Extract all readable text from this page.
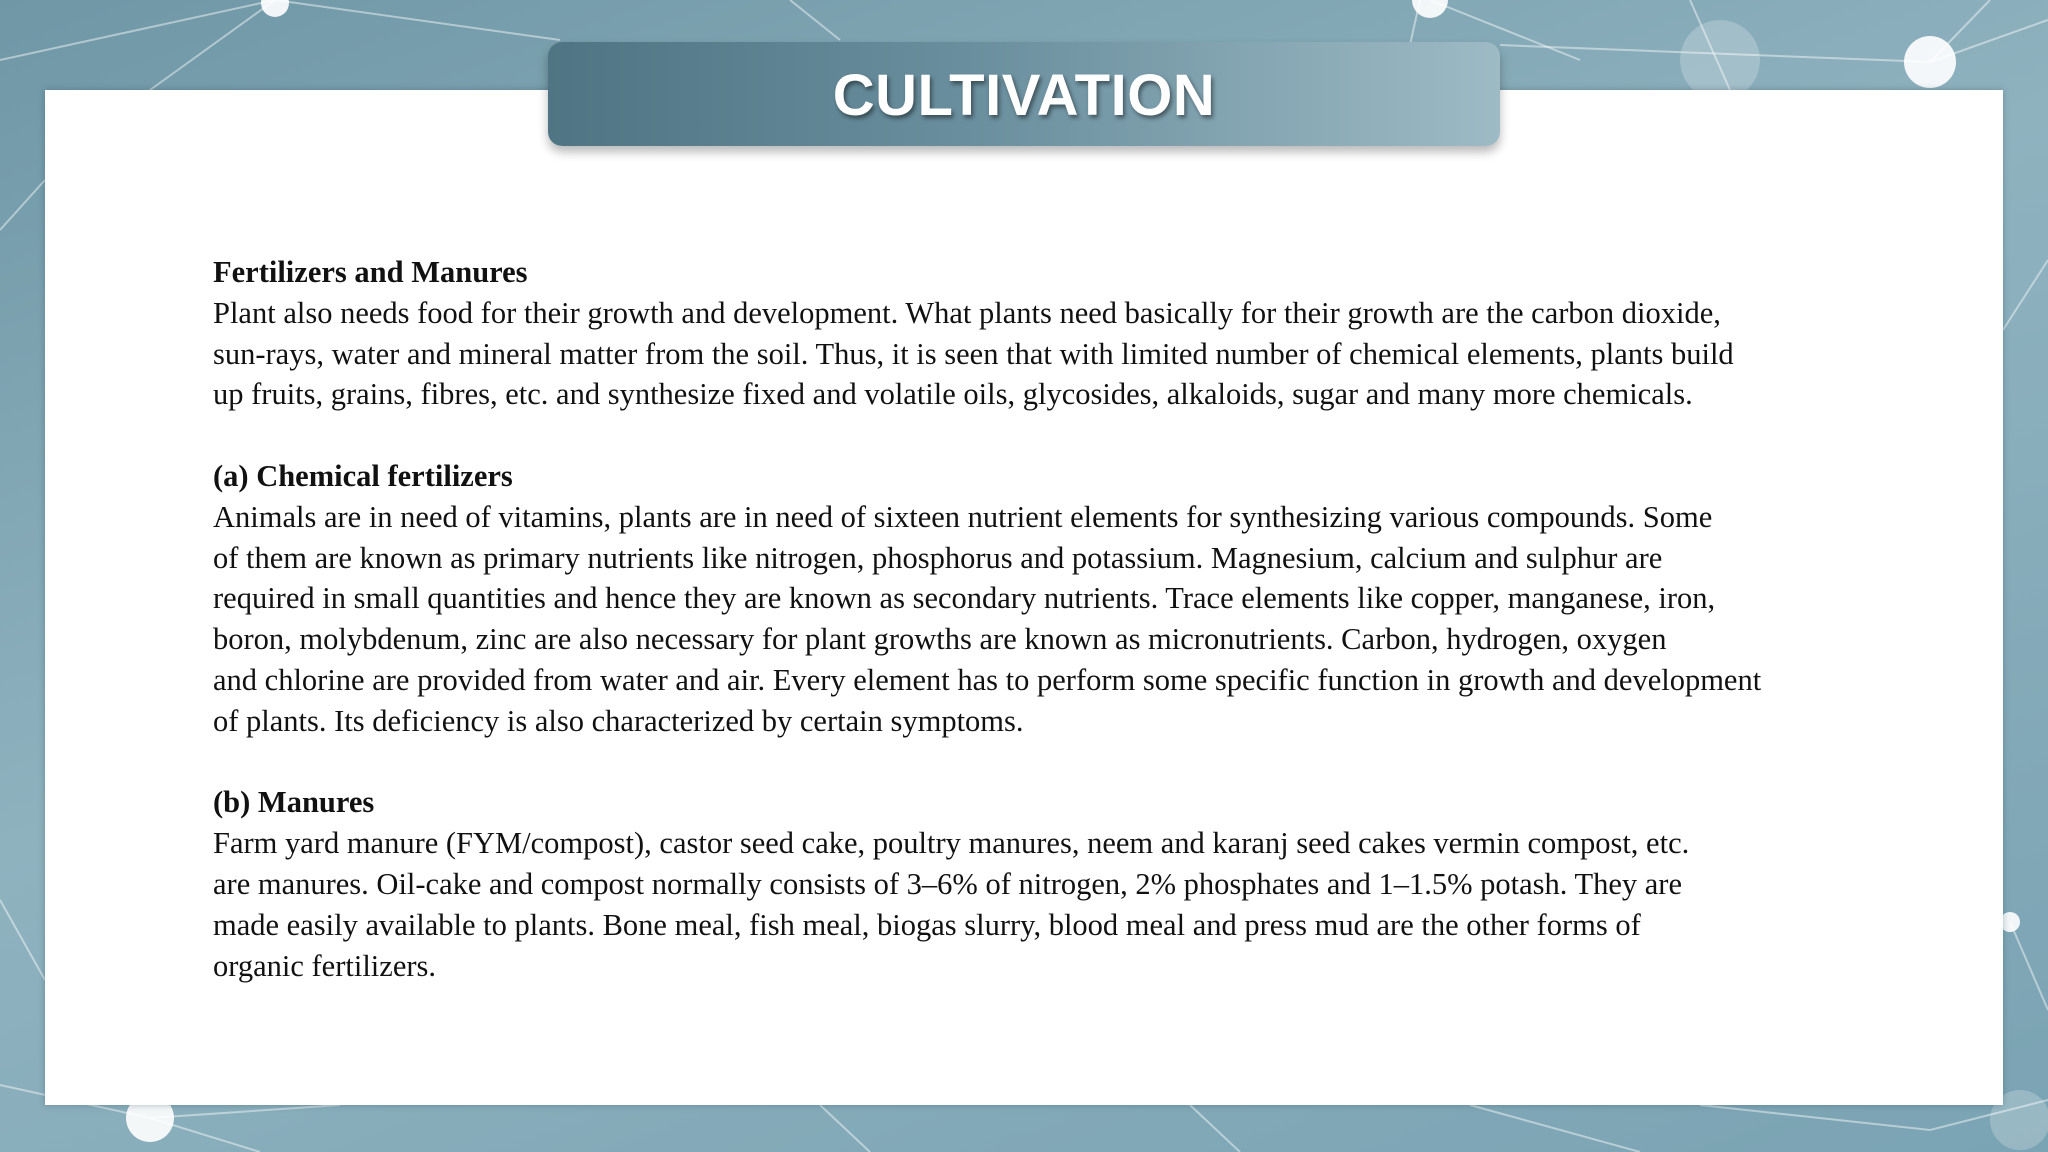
CULTIVATION
Fertilizers and Manures
Plant also needs food for their growth and development. What plants need basically for their growth are the carbon dioxide,
sun-rays, water and mineral matter from the soil. Thus, it is seen that with limited number of chemical elements, plants build
up fruits, grains, fibres, etc. and synthesize fixed and volatile oils, glycosides, alkaloids, sugar and many more chemicals.
(a) Chemical fertilizers
Animals are in need of vitamins, plants are in need of sixteen nutrient elements for synthesizing various compounds. Some
of them are known as primary nutrients like nitrogen, phosphorus and potassium. Magnesium, calcium and sulphur are
required in small quantities and hence they are known as secondary nutrients. Trace elements like copper, manganese, iron,
boron, molybdenum, zinc are also necessary for plant growths are known as micronutrients. Carbon, hydrogen, oxygen
and chlorine are provided from water and air. Every element has to perform some specific function in growth and development
of plants. Its deficiency is also characterized by certain symptoms.
(b) Manures
Farm yard manure (FYM/compost), castor seed cake, poultry manures, neem and karanj seed cakes vermin compost, etc.
are manures. Oil-cake and compost normally consists of 3–6% of nitrogen, 2% phosphates and 1–1.5% potash. They are
made easily available to plants. Bone meal, fish meal, biogas slurry, blood meal and press mud are the other forms of
organic fertilizers.
